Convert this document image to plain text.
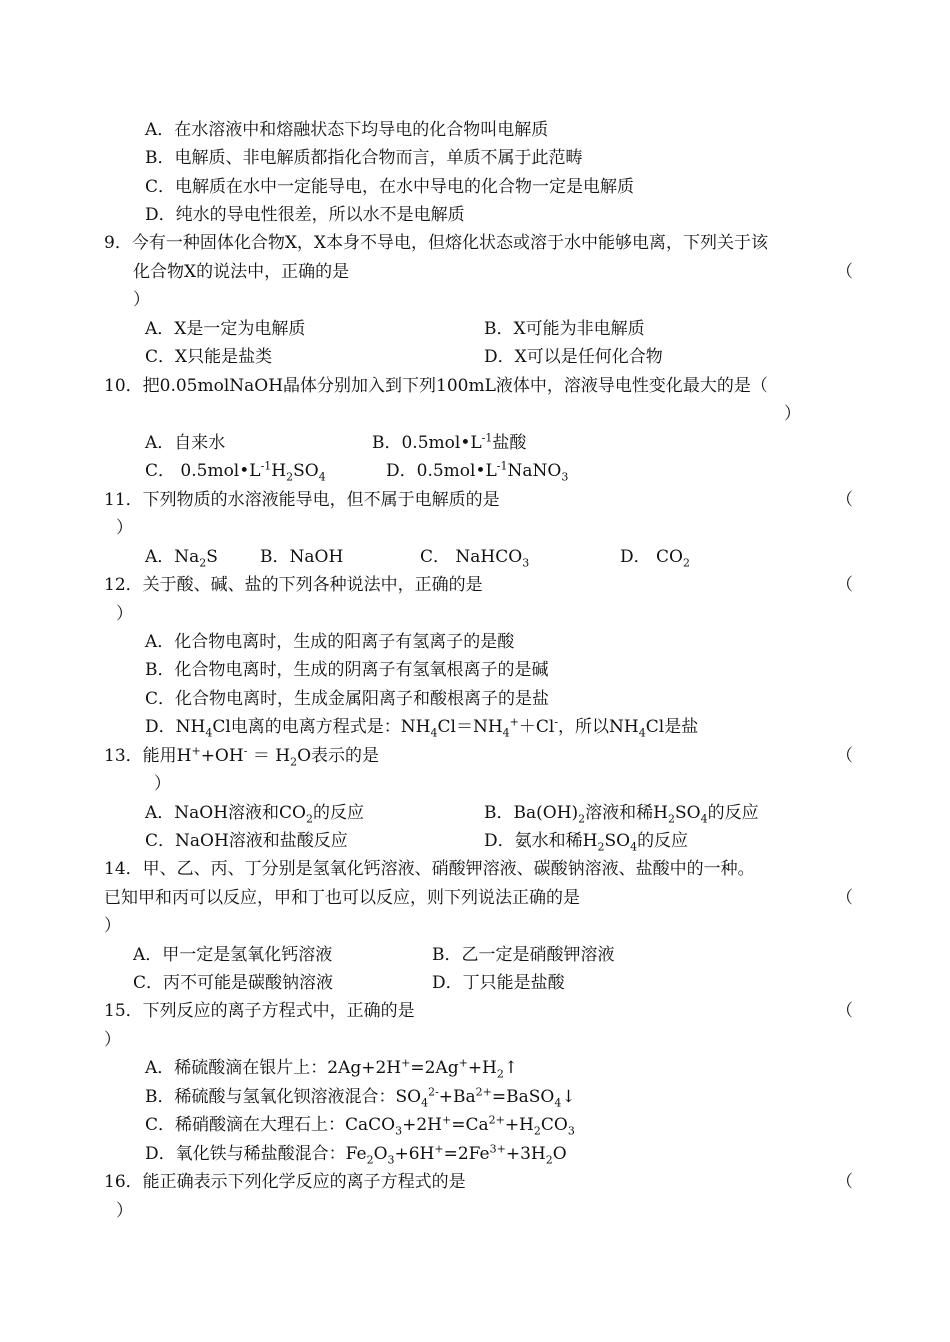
A．在水溶液中和熔融状态下均导电的化合物叫电解质
B．电解质、非电解质都指化合物而言，单质不属于此范畴
C．电解质在水中一定能导电，在水中导电的化合物一定是电解质
D．纯水的导电性很差，所以水不是电解质
9．今有一种固体化合物X，X本身不导电，但熔化状态或溶于水中能够电离，下列关于该
化合物X的说法中，正确的是	（
）
A．X是一定为电解质	B．X可能为非电解质
C．X只能是盐类	D．X可以是任何化合物
10．把0.05molNaOH晶体分别加入到下列100mL液体中，溶液导电性变化最大的是（
）
A．自来水	B．$0.5mol•L^{-1}$盐酸
C． $0.5mol•L^{-1}H_2SO_4$	D．$0.5mol•L^{-1}NaNO_3$
11．下列物质的水溶液能导电，但不属于电解质的是	（
）
A．$Na_2S$ B．NaOH	C． NaHCO$_3$	D． $CO_2$
12．关于酸、碱、盐的下列各种说法中，正确的是	（
）
A．化合物电离时，生成的阳离子有氢离子的是酸
B．化合物电离时，生成的阴离子有氢氧根离子的是碱
C．化合物电离时，生成金属阳离子和酸根离子的是盐
D．$NH_4Cl$电离的电离方程式是：$NH_4Cl=NH_4^++Cl^-$，所以$NH_4Cl$是盐
13．能用$H^++OH^- = H_2O$表示的是	（
）
A．NaOH溶液和$CO_2$的反应	B．$Ba(OH)_2$溶液和稀$H_2SO_4$的反应
C．NaOH溶液和盐酸反应	D．氨水和稀$H_2SO_4$的反应
14．甲、乙、丙、丁分别是氢氧化钙溶液、硝酸钾溶液、碳酸钠溶液、盐酸中的一种。
已知甲和丙可以反应，甲和丁也可以反应，则下列说法正确的是	（
）
A．甲一定是氢氧化钙溶液	B．乙一定是硝酸钾溶液
C．丙不可能是碳酸钠溶液	D．丁只能是盐酸
15．下列反应的离子方程式中，正确的是	（
）
A．稀硫酸滴在银片上：$2Ag+2H^+=2Ag^++H_2↑$
B．稀硫酸与氢氧化钡溶液混合：$SO_4^{2-}+Ba^{2+}=BaSO_4↓$
C．稀硝酸滴在大理石上：$CaCO_3+2H^+=Ca^{2+}+H_2CO_3$
D．氧化铁与稀盐酸混合：$Fe_2O_3+6H^+=2Fe^{3+}+3H_2O$
16．能正确表示下列化学反应的离子方程式的是	（
）
